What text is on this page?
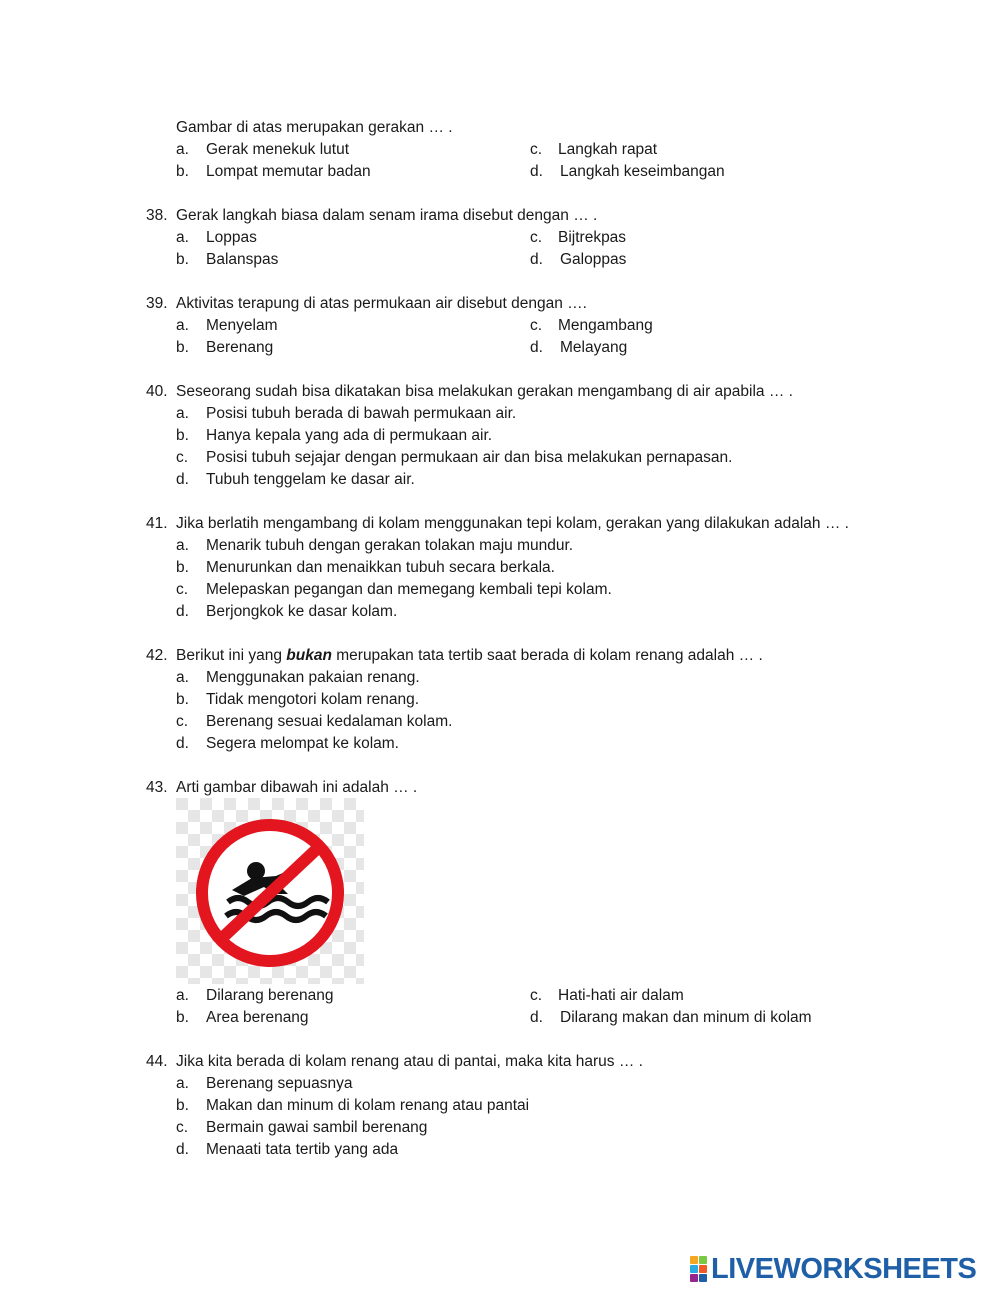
Gambar di atas merupakan gerakan … .
a. Gerak menekuk lutut	c. Langkah rapat
b. Lompat memutar badan	d. Langkah keseimbangan
38. Gerak langkah biasa dalam senam irama disebut dengan … .
a. Loppas	c. Bijtrekpas
b. Balanspas	d. Galoppas
39. Aktivitas terapung di atas permukaan air disebut dengan ….
a. Menyelam	c. Mengambang
b. Berenang	d. Melayang
40. Seseorang sudah bisa dikatakan bisa melakukan gerakan mengambang di air apabila … .
a. Posisi tubuh berada di bawah permukaan air.
b. Hanya kepala yang ada di permukaan air.
c. Posisi tubuh sejajar dengan permukaan air dan bisa melakukan pernapasan.
d. Tubuh tenggelam ke dasar air.
41. Jika berlatih mengambang di kolam menggunakan tepi kolam, gerakan yang dilakukan adalah … .
a. Menarik tubuh dengan gerakan tolakan maju mundur.
b. Menurunkan dan menaikkan tubuh secara berkala.
c. Melepaskan pegangan dan memegang kembali tepi kolam.
d. Berjongkok ke dasar kolam.
42. Berikut ini yang bukan merupakan tata tertib saat berada di kolam renang adalah … .
a. Menggunakan pakaian renang.
b. Tidak mengotori kolam renang.
c. Berenang sesuai kedalaman kolam.
d. Segera melompat ke kolam.
43. Arti gambar dibawah ini adalah … .
a. Dilarang berenang	c. Hati-hati air dalam
b. Area berenang	d. Dilarang makan dan minum di kolam
44. Jika kita berada di kolam renang atau di pantai, maka kita harus … .
a. Berenang sepuasnya
b. Makan dan minum di kolam renang atau pantai
c. Bermain gawai sambil berenang
d. Menaati tata tertib yang ada
LIVEWORKSHEETS
